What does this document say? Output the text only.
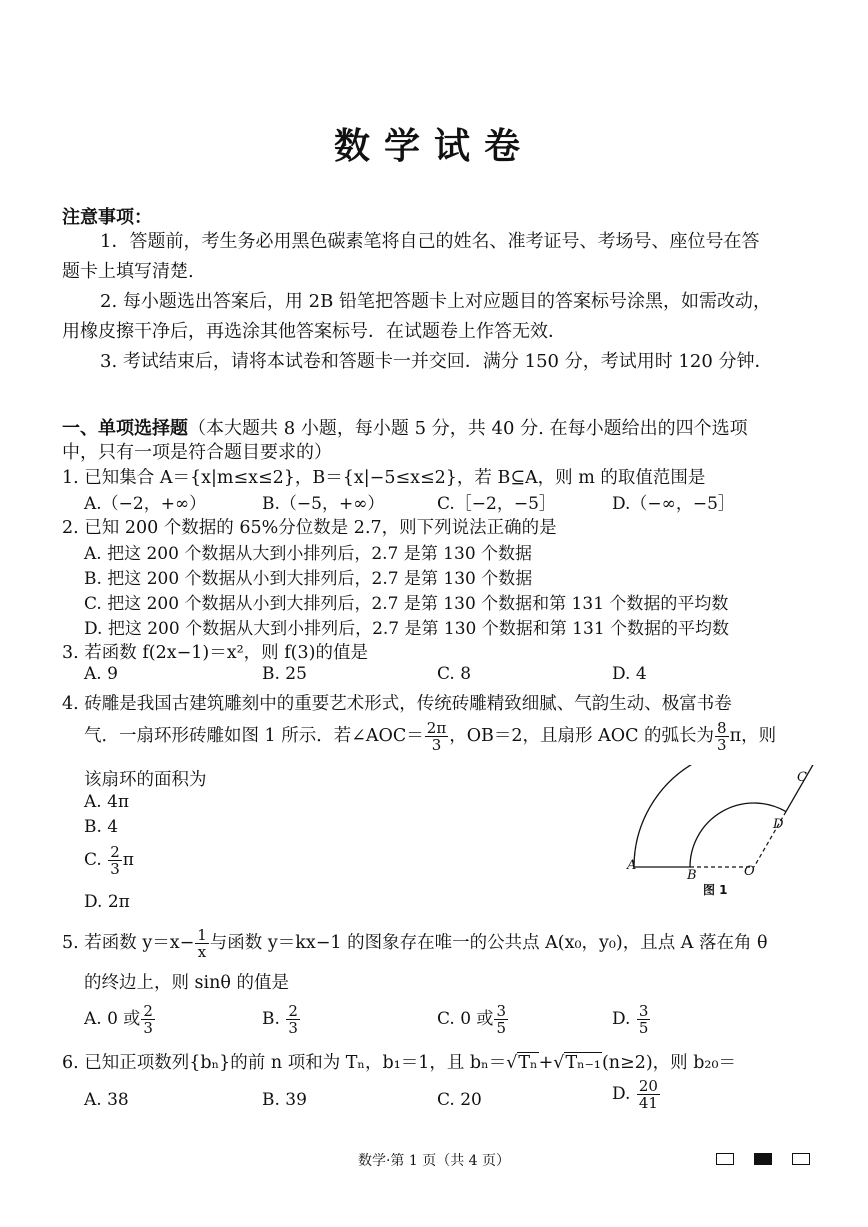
数学试卷
注意事项：
1．答题前，考生务必用黑色碳素笔将自己的姓名、准考证号、考场号、座位号在答
题卡上填写清楚.
2. 每小题选出答案后，用 2B 铅笔把答题卡上对应题目的答案标号涂黑，如需改动，
用橡皮擦干净后，再选涂其他答案标号．在试题卷上作答无效．
3. 考试结束后，请将本试卷和答题卡一并交回．满分 150 分，考试用时 120 分钟．
一、单项选择题（本大题共 8 小题，每小题 5 分，共 40 分. 在每小题给出的四个选项
中，只有一项是符合题目要求的）
1. 已知集合 A＝{x|m≤x≤2}，B＝{x|−5≤x≤2}，若 B⊆A，则 m 的取值范围是
A.（−2，+∞）	B.（−5，+∞）	C.［−2，−5］	D.（−∞，−5］
2. 已知 200 个数据的 65%分位数是 2.7，则下列说法正确的是
A. 把这 200 个数据从大到小排列后，2.7 是第 130 个数据
B. 把这 200 个数据从小到大排列后，2.7 是第 130 个数据
C. 把这 200 个数据从小到大排列后，2.7 是第 130 个数据和第 131 个数据的平均数
D. 把这 200 个数据从大到小排列后，2.7 是第 130 个数据和第 131 个数据的平均数
3. 若函数 f(2x−1)＝x²，则 f(3)的值是
A. 9	B. 25	C. 8	D. 4
4. 砖雕是我国古建筑雕刻中的重要艺术形式，传统砖雕精致细腻、气韵生动、极富书卷
气．一扇环形砖雕如图 1 所示．若∠AOC＝ $\frac{2\pi}{3}$ ，OB＝2，且扇形 AOC 的弧长为 $\frac{8}{3}$ π，则
该扇环的面积为
A. 4π
B. 4
C. $\frac{2}{3}$ π
D. 2π
A
B
C
D
O
图 1
5. 若函数 $y=x- \frac{1}{x}$ 与函数 y＝kx−1 的图象存在唯一的公共点 A(x₀，y₀)，且点 A 落在角 θ
的终边上，则 sinθ 的值是
A. 0 或 $\frac{2}{3}$	B. $\frac{2}{3}$	C. 0 或 $\frac{3}{5}$	D. $\frac{3}{5}$
6. 已知正项数列{bₙ}的前 n 项和为 Tₙ，b₁＝1，且 bₙ＝√Tₙ+√Tₙ₋₁(n≥2)，则 b₂₀＝
A. 38	B. 39	C. 20	D. $\frac{20}{41}$
数学·第 1 页（共 4 页）
